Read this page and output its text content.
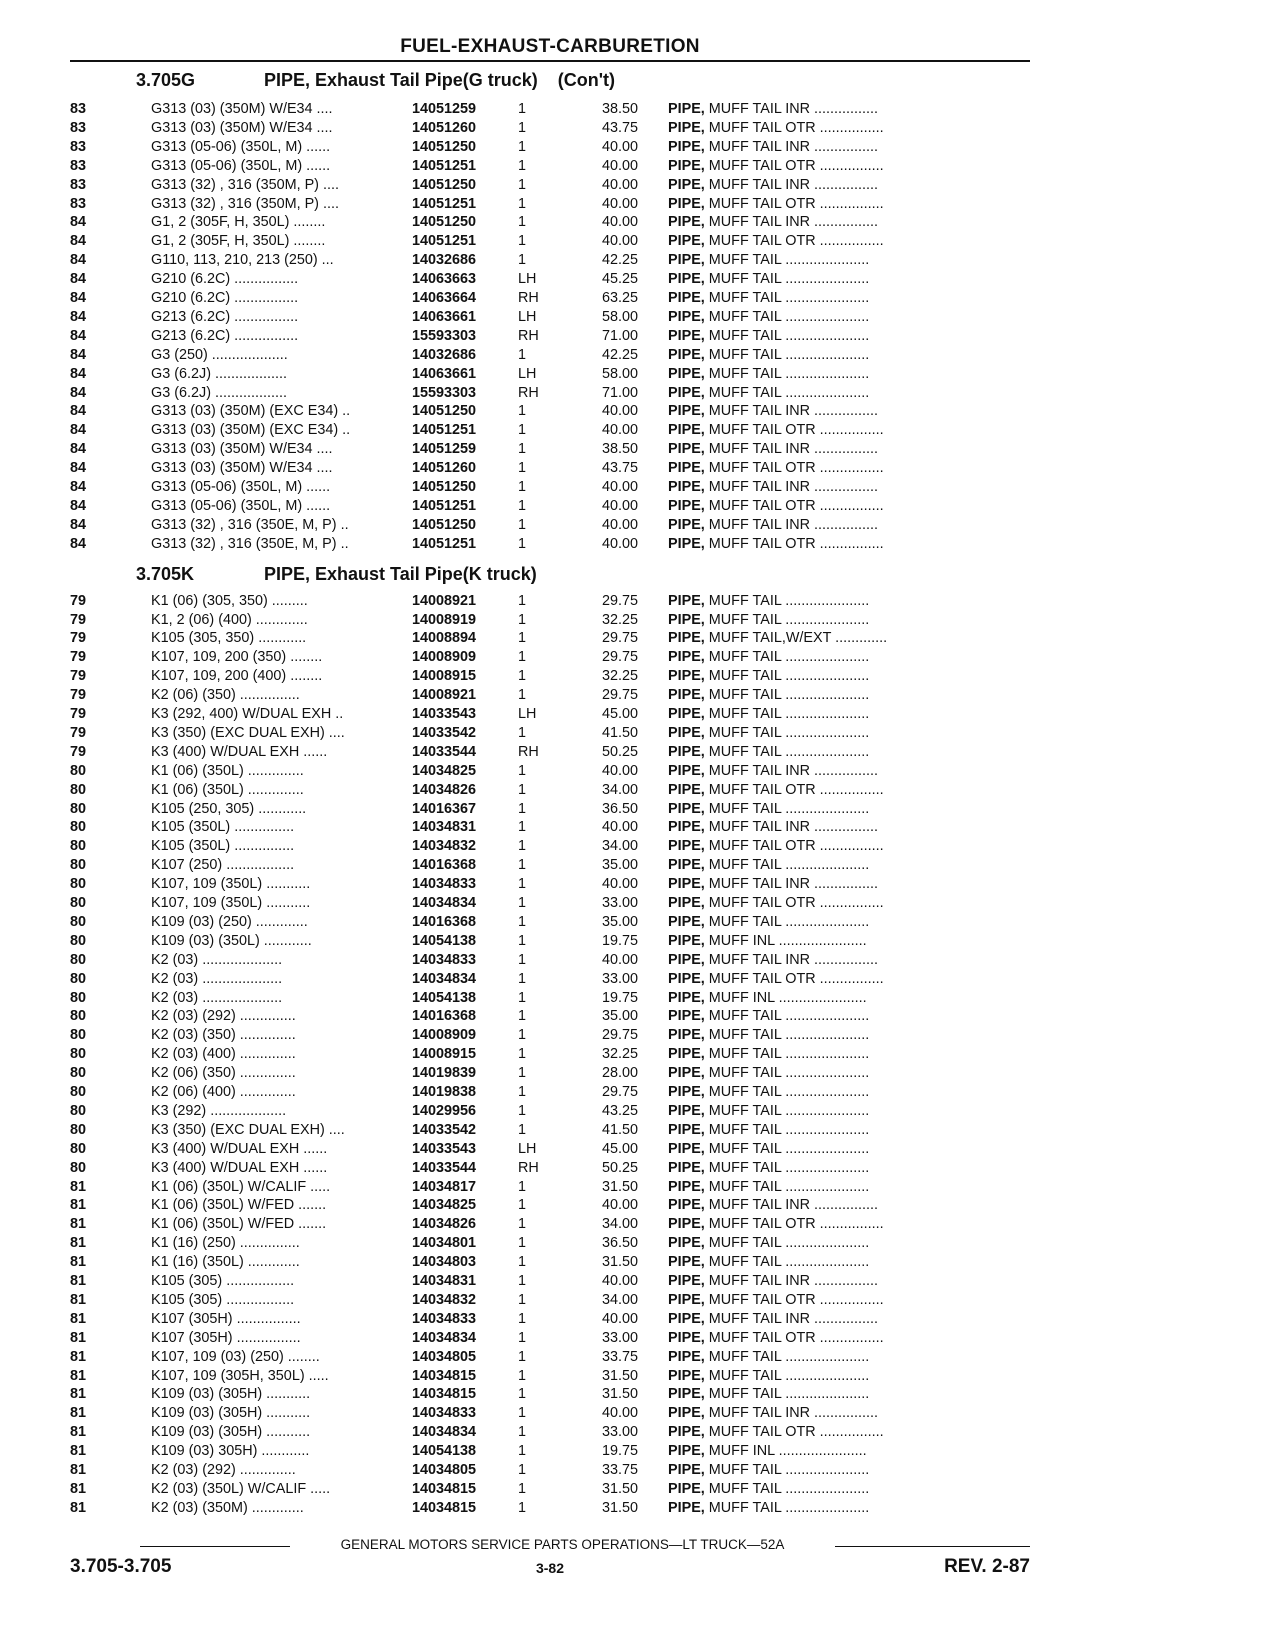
FUEL-EXHAUST-CARBURETION
3.705G	PIPE, Exhaust Tail Pipe(G truck) (Con't)
83	G313 (03) (350M) W/E34 ....	14051259	1	38.50 PIPE, MUFF TAIL INR ................
83	G313 (03) (350M) W/E34 ....	14051260	1	43.75 PIPE, MUFF TAIL OTR ................
83	G313 (05-06) (350L, M) ......	14051250	1	40.00 PIPE, MUFF TAIL INR ................
83	G313 (05-06) (350L, M) ......	14051251	1	40.00 PIPE, MUFF TAIL OTR ................
83	G313 (32) , 316 (350M, P) ....	14051250	1	40.00 PIPE, MUFF TAIL INR ................
83	G313 (32) , 316 (350M, P) ....	14051251	1	40.00 PIPE, MUFF TAIL OTR ................
84	G1, 2 (305F, H, 350L) ........	14051250	1	40.00 PIPE, MUFF TAIL INR ................
84	G1, 2 (305F, H, 350L) ........	14051251	1	40.00 PIPE, MUFF TAIL OTR ................
84	G110, 113, 210, 213 (250) ...	14032686	1	42.25 PIPE, MUFF TAIL .....................
84	G210 (6.2C) ................	14063663	LH	45.25 PIPE, MUFF TAIL .....................
84	G210 (6.2C) ................	14063664	RH	63.25 PIPE, MUFF TAIL .....................
84	G213 (6.2C) ................	14063661	LH	58.00 PIPE, MUFF TAIL .....................
84	G213 (6.2C) ................	15593303	RH	71.00 PIPE, MUFF TAIL .....................
84	G3 (250) ...................	14032686	1	42.25 PIPE, MUFF TAIL .....................
84	G3 (6.2J) ..................	14063661	LH	58.00 PIPE, MUFF TAIL .....................
84	G3 (6.2J) ..................	15593303	RH	71.00 PIPE, MUFF TAIL .....................
84	G313 (03) (350M) (EXC E34) ..	14051250	1	40.00 PIPE, MUFF TAIL INR ................
84	G313 (03) (350M) (EXC E34) ..	14051251	1	40.00 PIPE, MUFF TAIL OTR ................
84	G313 (03) (350M) W/E34 ....	14051259	1	38.50 PIPE, MUFF TAIL INR ................
84	G313 (03) (350M) W/E34 ....	14051260	1	43.75 PIPE, MUFF TAIL OTR ................
84	G313 (05-06) (350L, M) ......	14051250	1	40.00 PIPE, MUFF TAIL INR ................
84	G313 (05-06) (350L, M) ......	14051251	1	40.00 PIPE, MUFF TAIL OTR ................
84	G313 (32) , 316 (350E, M, P) ..	14051250	1	40.00 PIPE, MUFF TAIL INR ................
84	G313 (32) , 316 (350E, M, P) ..	14051251	1	40.00 PIPE, MUFF TAIL OTR ................
3.705K	PIPE, Exhaust Tail Pipe(K truck)
79	K1 (06) (305, 350) .........	14008921	1	29.75 PIPE, MUFF TAIL .....................
79	K1, 2 (06) (400) .............	14008919	1	32.25 PIPE, MUFF TAIL .....................
79	K105 (305, 350) ............	14008894	1	29.75 PIPE, MUFF TAIL,W/EXT .............
79	K107, 109, 200 (350) ........	14008909	1	29.75 PIPE, MUFF TAIL .....................
79	K107, 109, 200 (400) ........	14008915	1	32.25 PIPE, MUFF TAIL .....................
79	K2 (06) (350) ...............	14008921	1	29.75 PIPE, MUFF TAIL .....................
79	K3 (292, 400) W/DUAL EXH ..	14033543	LH	45.00 PIPE, MUFF TAIL .....................
79	K3 (350) (EXC DUAL EXH) ....	14033542	1	41.50 PIPE, MUFF TAIL .....................
79	K3 (400) W/DUAL EXH ......	14033544	RH	50.25 PIPE, MUFF TAIL .....................
80	K1 (06) (350L) ..............	14034825	1	40.00 PIPE, MUFF TAIL INR ................
80	K1 (06) (350L) ..............	14034826	1	34.00 PIPE, MUFF TAIL OTR ................
80	K105 (250, 305) ............	14016367	1	36.50 PIPE, MUFF TAIL .....................
80	K105 (350L) ...............	14034831	1	40.00 PIPE, MUFF TAIL INR ................
80	K105 (350L) ...............	14034832	1	34.00 PIPE, MUFF TAIL OTR ................
80	K107 (250) .................	14016368	1	35.00 PIPE, MUFF TAIL .....................
80	K107, 109 (350L) ...........	14034833	1	40.00 PIPE, MUFF TAIL INR ................
80	K107, 109 (350L) ...........	14034834	1	33.00 PIPE, MUFF TAIL OTR ................
80	K109 (03) (250) .............	14016368	1	35.00 PIPE, MUFF TAIL .....................
80	K109 (03) (350L) ............	14054138	1	19.75 PIPE, MUFF INL ......................
80	K2 (03) ....................	14034833	1	40.00 PIPE, MUFF TAIL INR ................
80	K2 (03) ....................	14034834	1	33.00 PIPE, MUFF TAIL OTR ................
80	K2 (03) ....................	14054138	1	19.75 PIPE, MUFF INL ......................
80	K2 (03) (292) ..............	14016368	1	35.00 PIPE, MUFF TAIL .....................
80	K2 (03) (350) ..............	14008909	1	29.75 PIPE, MUFF TAIL .....................
80	K2 (03) (400) ..............	14008915	1	32.25 PIPE, MUFF TAIL .....................
80	K2 (06) (350) ..............	14019839	1	28.00 PIPE, MUFF TAIL .....................
80	K2 (06) (400) ..............	14019838	1	29.75 PIPE, MUFF TAIL .....................
80	K3 (292) ...................	14029956	1	43.25 PIPE, MUFF TAIL .....................
80	K3 (350) (EXC DUAL EXH) ....	14033542	1	41.50 PIPE, MUFF TAIL .....................
80	K3 (400) W/DUAL EXH ......	14033543	LH	45.00 PIPE, MUFF TAIL .....................
80	K3 (400) W/DUAL EXH ......	14033544	RH	50.25 PIPE, MUFF TAIL .....................
81	K1 (06) (350L) W/CALIF .....	14034817	1	31.50 PIPE, MUFF TAIL .....................
81	K1 (06) (350L) W/FED .......	14034825	1	40.00 PIPE, MUFF TAIL INR ................
81	K1 (06) (350L) W/FED .......	14034826	1	34.00 PIPE, MUFF TAIL OTR ................
81	K1 (16) (250) ...............	14034801	1	36.50 PIPE, MUFF TAIL .....................
81	K1 (16) (350L) .............	14034803	1	31.50 PIPE, MUFF TAIL .....................
81	K105 (305) .................	14034831	1	40.00 PIPE, MUFF TAIL INR ................
81	K105 (305) .................	14034832	1	34.00 PIPE, MUFF TAIL OTR ................
81	K107 (305H) ................	14034833	1	40.00 PIPE, MUFF TAIL INR ................
81	K107 (305H) ................	14034834	1	33.00 PIPE, MUFF TAIL OTR ................
81	K107, 109 (03) (250) ........	14034805	1	33.75 PIPE, MUFF TAIL .....................
81	K107, 109 (305H, 350L) .....	14034815	1	31.50 PIPE, MUFF TAIL .....................
81	K109 (03) (305H) ...........	14034815	1	31.50 PIPE, MUFF TAIL .....................
81	K109 (03) (305H) ...........	14034833	1	40.00 PIPE, MUFF TAIL INR ................
81	K109 (03) (305H) ...........	14034834	1	33.00 PIPE, MUFF TAIL OTR ................
81	K109 (03) 305H) ............	14054138	1	19.75 PIPE, MUFF INL ......................
81	K2 (03) (292) ..............	14034805	1	33.75 PIPE, MUFF TAIL .....................
81	K2 (03) (350L) W/CALIF .....	14034815	1	31.50 PIPE, MUFF TAIL .....................
81	K2 (03) (350M) .............	14034815	1	31.50 PIPE, MUFF TAIL .....................
GENERAL MOTORS SERVICE PARTS OPERATIONS—LT TRUCK—52A
3.705-3.705	3-82	REV. 2-87
